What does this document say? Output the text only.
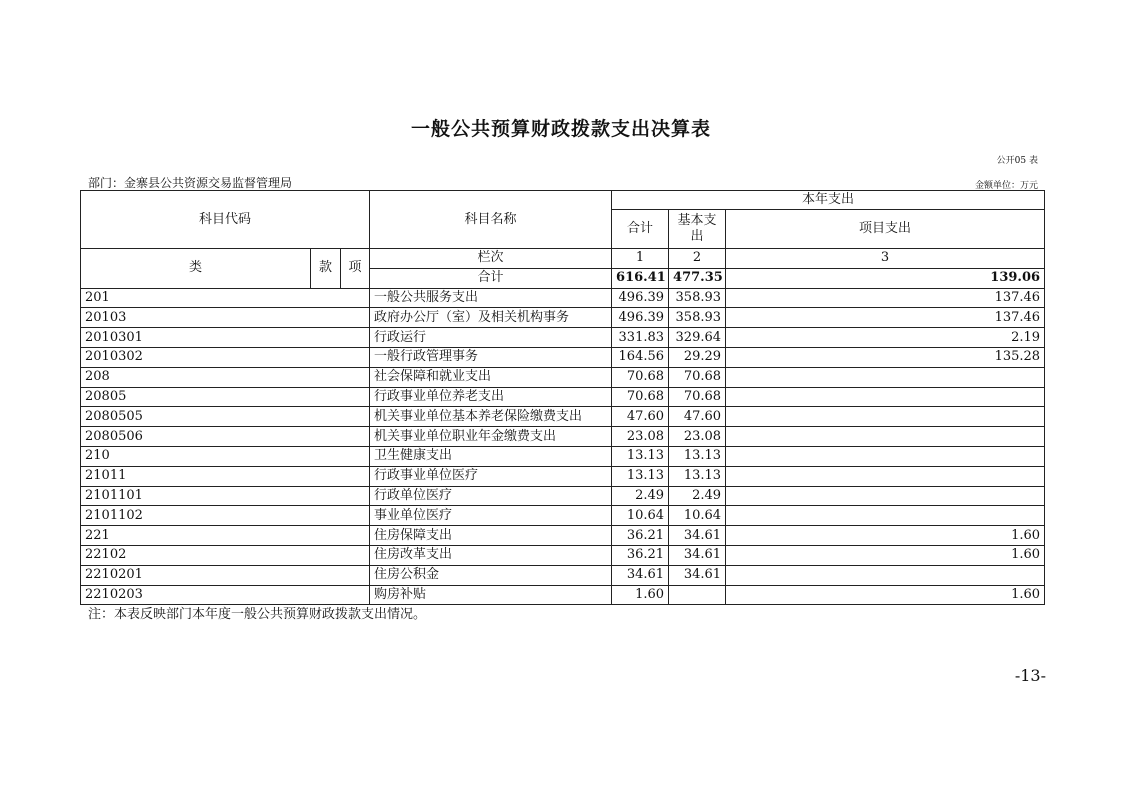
一般公共预算财政拨款支出决算表
公开05 表
部门：金寨县公共资源交易监督管理局	金额单位：万元
科目代码			科目名称	本年支出		
				合计	基本支
出	项目支出
类	款	项	栏次	1	2	3
			合计	616.41	477.35	139.06
201			一般公共服务支出	496.39	358.93	137.46
20103			政府办公厅（室）及相关机构事务	496.39	358.93	137.46
2010301			行政运行	331.83	329.64	2.19
2010302			一般行政管理事务	164.56	29.29	135.28
208			社会保障和就业支出	70.68	70.68	
20805			行政事业单位养老支出	70.68	70.68	
2080505			机关事业单位基本养老保险缴费支出	47.60	47.60	
2080506			机关事业单位职业年金缴费支出	23.08	23.08	
210			卫生健康支出	13.13	13.13	
21011			行政事业单位医疗	13.13	13.13	
2101101			行政单位医疗	2.49	2.49	
2101102			事业单位医疗	10.64	10.64	
221			住房保障支出	36.21	34.61	1.60
22102			住房改革支出	36.21	34.61	1.60
2210201			住房公积金	34.61	34.61	
2210203			购房补贴	1.60		1.60
注：本表反映部门本年度一般公共预算财政拨款支出情况。
-13-
